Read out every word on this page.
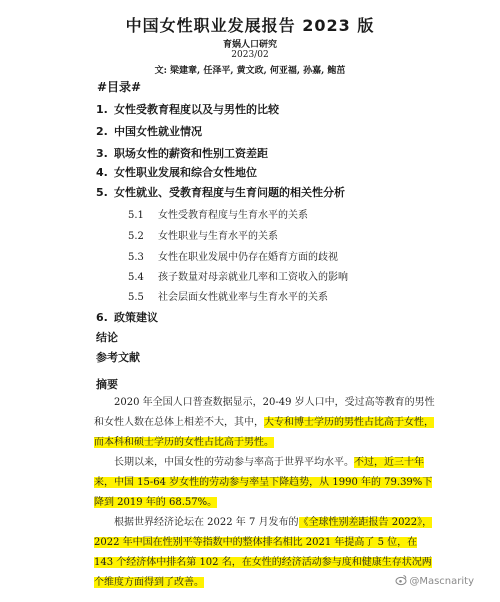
中国女性职业发展报告 2023 版
育娲人口研究
2023/02
文: 梁建章, 任泽平, 黄文政, 何亚福, 孙嘉, 鲍茁
#目录#
1. 女性受教育程度以及与男性的比较
2. 中国女性就业情况
3. 职场女性的薪资和性别工资差距
4. 女性职业发展和综合女性地位
5. 女性就业、受教育程度与生育问题的相关性分析
5.1 女性受教育程度与生育水平的关系
5.2 女性职业与生育水平的关系
5.3 女性在职业发展中仍存在婚育方面的歧视
5.4 孩子数量对母亲就业几率和工资收入的影响
5.5 社会层面女性就业率与生育水平的关系
6. 政策建议
结论
参考文献
摘要
2020 年全国人口普查数据显示，20-49 岁人口中，受过高等教育的男性和女性人数在总体上相差不大，其中，大专和博士学历的男性占比高于女性，而本科和硕士学历的女性占比高于男性。
长期以来，中国女性的劳动参与率高于世界平均水平。不过，近三十年来，中国 15-64 岁女性的劳动参与率呈下降趋势，从 1990 年的 79.39%下降到 2019 年的 68.57%。
根据世界经济论坛在 2022 年 7 月发布的《全球性别差距报告 2022》，2022 年中国在性别平等指数中的整体排名相比 2021 年提高了 5 位，在 143 个经济体中排名第 102 名，在女性的经济活动参与度和健康生存状况两个维度方面得到了改善。	@Mascnarity
